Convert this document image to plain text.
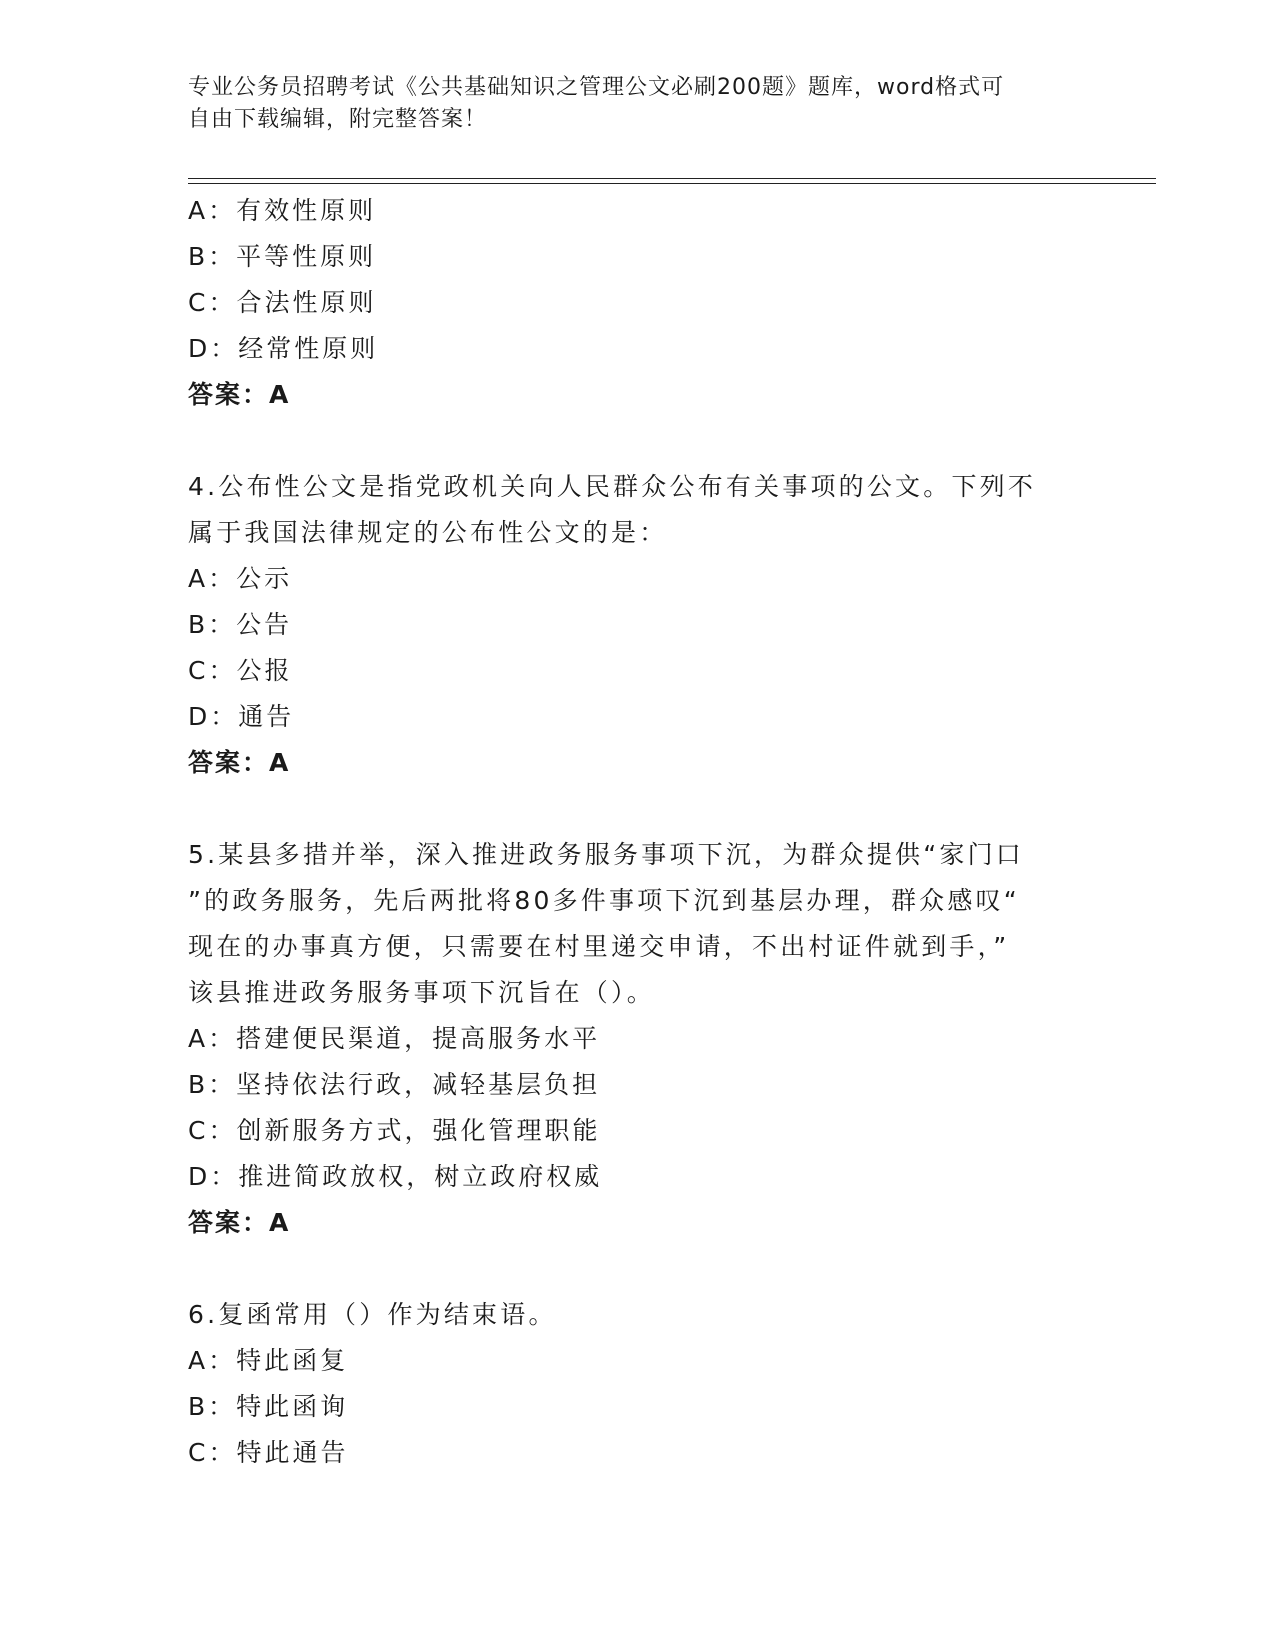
专业公务员招聘考试《公共基础知识之管理公文必刷200题》题库，word格式可
自由下载编辑，附完整答案！
A：有效性原则
B：平等性原则
C：合法性原则
D：经常性原则
答案：A
4.公布性公文是指党政机关向人民群众公布有关事项的公文。下列不
属于我国法律规定的公布性公文的是：
A：公示
B：公告
C：公报
D：通告
答案：A
5.某县多措并举，深入推进政务服务事项下沉，为群众提供“家门口
”的政务服务，先后两批将80多件事项下沉到基层办理，群众感叹“
现在的办事真方便，只需要在村里递交申请，不出村证件就到手，”
该县推进政务服务事项下沉旨在（）。
A：搭建便民渠道，提高服务水平
B：坚持依法行政，减轻基层负担
C：创新服务方式，强化管理职能
D：推进简政放权，树立政府权威
答案：A
6.复函常用（）作为结束语。
A：特此函复
B：特此函询
C：特此通告
